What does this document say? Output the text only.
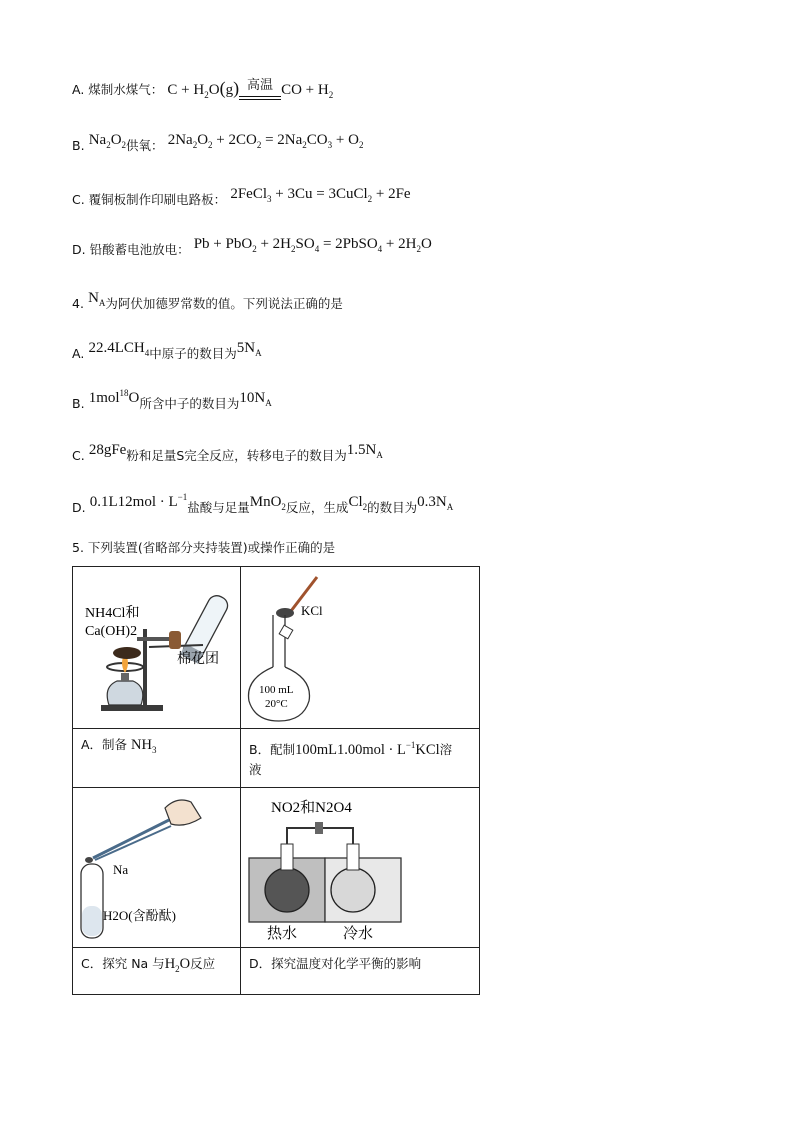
A. 煤制水煤气： $C + H_2O(g)$ 高温 CO + $H_2$
B. $Na_2O_2$供氧： $2Na_2O_2 + 2CO_2 = 2Na_2CO_3 + O_2$
C. 覆铜板制作印刷电路板： 2FeCl$_3$ + 3Cu = 3CuCl$_2$ + 2Fe
D. 铅酸蓄电池放电： $Pb + PbO_2 + 2H_2SO_4$ = 2PbSO$_4$ + $2H_2O$
4. $N_A$为阿伏加德罗常数的值。下列说法正确的是
A. $22.4LCH_4$中原子的数目为$5N_A$
B. 1mol$^{18}$O所含中子的数目为$10N_A$
C. 28gFe粉和足量S完全反应，转移电子的数目为$1.5N_A$
D. $0.1L12mol \cdot L^{-1}$盐酸与足量MnO$_2$反应，生成$Cl_2$的数目为$0.3N_A$
5. 下列装置(省略部分夹持装置)或操作正确的是
NH4Cl和
Ca(OH)2
棉花团	KCl
100 mL
20°C

A．制备 $NH_3$	B．配制$100mL1.00mol \cdot L^{-1}KCl$溶
液

Na
H2O(含酚酞)	NO2和N2O4
热水 冷水

C．探究 Na 与$H_2O$反应	D．探究温度对化学平衡的影响
